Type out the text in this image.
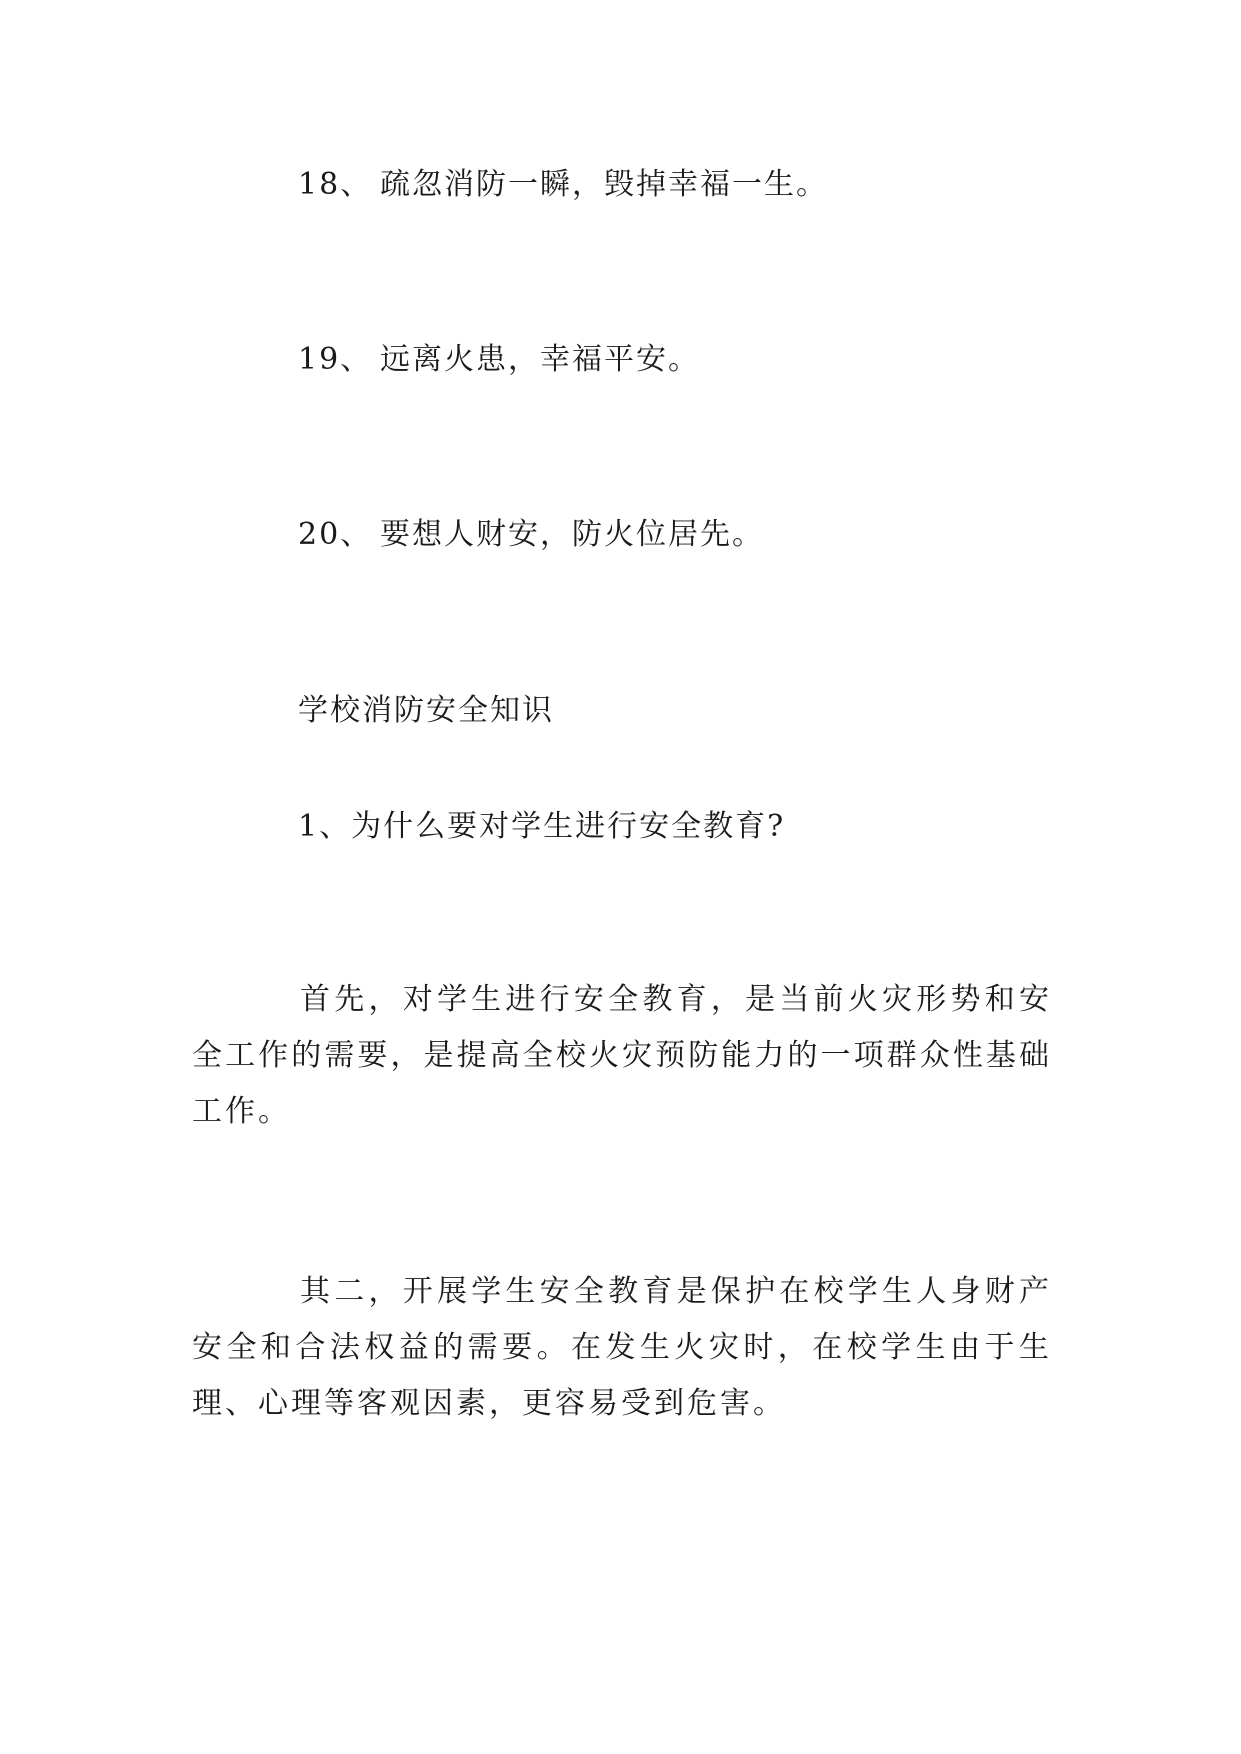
18、 疏忽消防一瞬，毁掉幸福一生。
19、 远离火患，幸福平安。
20、 要想人财安，防火位居先。
学校消防安全知识
1、为什么要对学生进行安全教育?

首先，对学生进行安全教育，是当前火灾形势和安全工作的需要，是提高全校火灾预防能力的一项群众性基础工作。

其二，开展学生安全教育是保护在校学生人身财产安全和合法权益的需要。在发生火灾时，在校学生由于生理、心理等客观因素，更容易受到危害。
